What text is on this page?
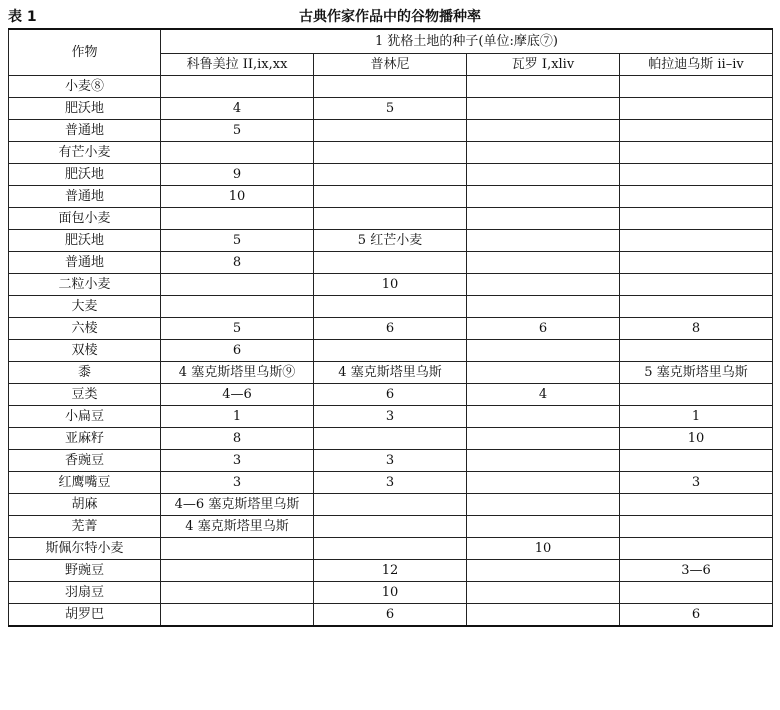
表 1	古典作家作品中的谷物播种率
作物	1 犹格土地的种子(单位:摩底⑦)			
	科鲁美拉 II,ix,xx	普林尼	瓦罗 I,xliv	帕拉迪乌斯 ii–iv
小麦⑧				
肥沃地	4	5		
普通地	5			
有芒小麦				
肥沃地	9			
普通地	10			
面包小麦				
肥沃地	5	5 红芒小麦		
普通地	8			
二粒小麦		10		
大麦				
六棱	5	6	6	8
双棱	6			
黍	4 塞克斯塔里乌斯⑨	4 塞克斯塔里乌斯		5 塞克斯塔里乌斯
豆类	4—6	6	4	
小扁豆	1	3		1
亚麻籽	8			10
香豌豆	3	3		
红鹰嘴豆	3	3		3
胡麻	4—6 塞克斯塔里乌斯			
芜菁	4 塞克斯塔里乌斯			
斯佩尔特小麦			10	
野豌豆		12		3—6
羽扇豆		10		
胡罗巴		6		6
